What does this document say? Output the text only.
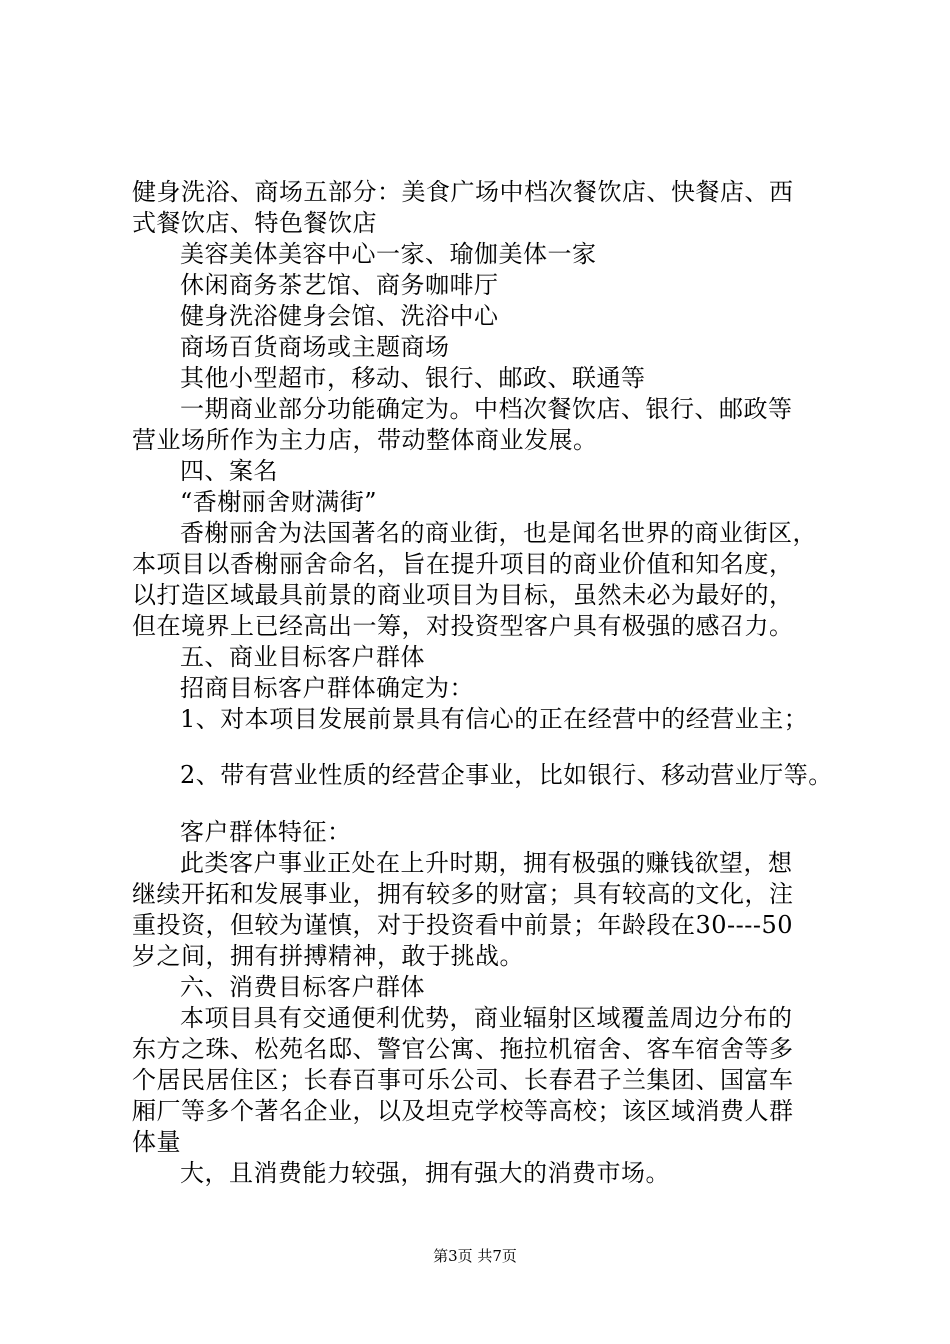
健身洗浴、商场五部分：美食广场中档次餐饮店、快餐店、西
式餐饮店、特色餐饮店
美容美体美容中心一家、瑜伽美体一家
休闲商务茶艺馆、商务咖啡厅
健身洗浴健身会馆、洗浴中心
商场百货商场或主题商场
其他小型超市，移动、银行、邮政、联通等
一期商业部分功能确定为。中档次餐饮店、银行、邮政等
营业场所作为主力店，带动整体商业发展。
四、案名
“香榭丽舍财满街”
香榭丽舍为法国著名的商业街，也是闻名世界的商业街区，
本项目以香榭丽舍命名，旨在提升项目的商业价值和知名度，
以打造区域最具前景的商业项目为目标，虽然未必为最好的，
但在境界上已经高出一筹，对投资型客户具有极强的感召力。
五、商业目标客户群体
招商目标客户群体确定为：
1、对本项目发展前景具有信心的正在经营中的经营业主；
2、带有营业性质的经营企事业，比如银行、移动营业厅等。
客户群体特征：
此类客户事业正处在上升时期，拥有极强的赚钱欲望，想
继续开拓和发展事业，拥有较多的财富；具有较高的文化，注
重投资，但较为谨慎，对于投资看中前景；年龄段在30----50
岁之间，拥有拼搏精神，敢于挑战。
六、消费目标客户群体
本项目具有交通便利优势，商业辐射区域覆盖周边分布的
东方之珠、松苑名邸、警官公寓、拖拉机宿舍、客车宿舍等多
个居民居住区；长春百事可乐公司、长春君子兰集团、国富车
厢厂等多个著名企业，以及坦克学校等高校；该区域消费人群
体量
大，且消费能力较强，拥有强大的消费市场。
第3页 共7页
